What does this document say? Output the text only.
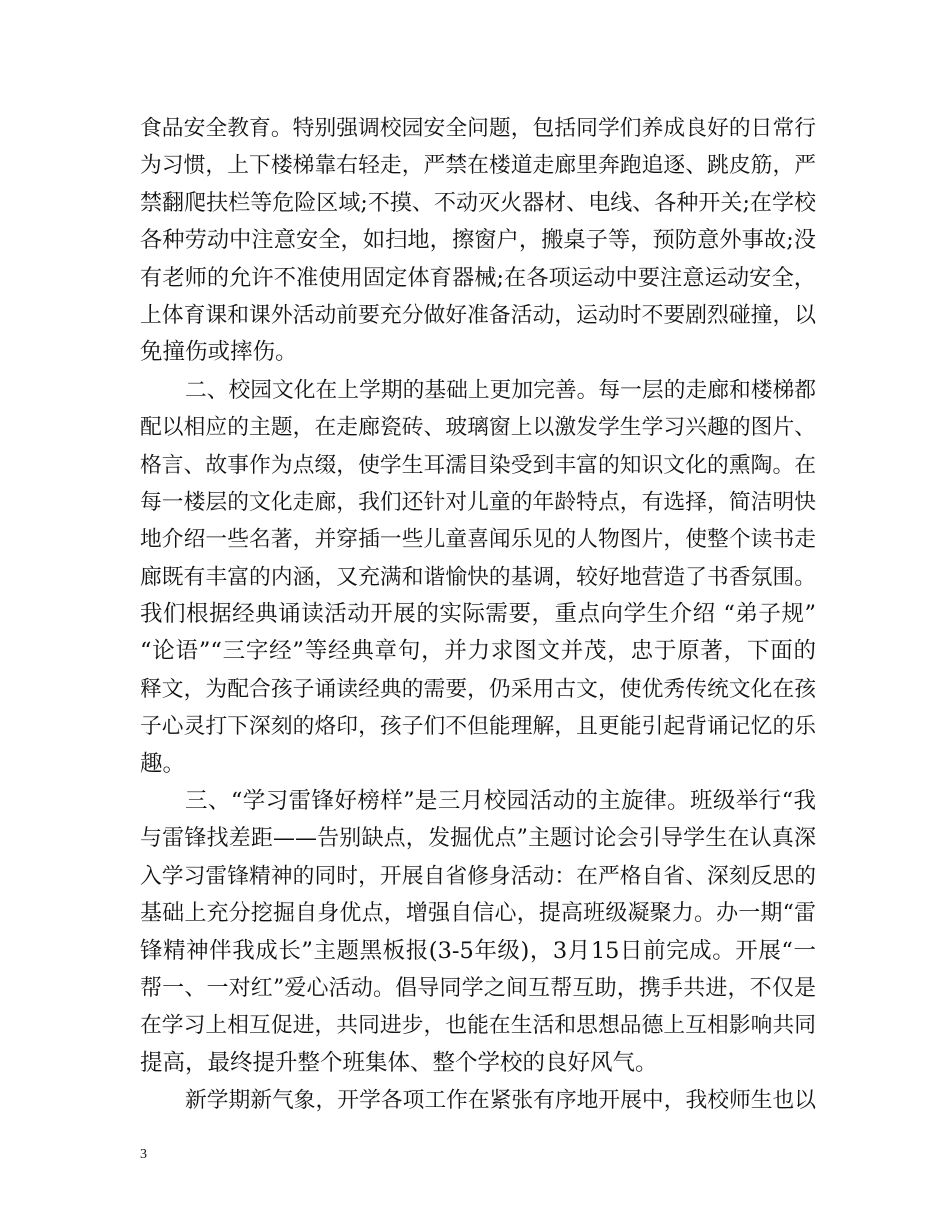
食品安全教育。特别强调校园安全问题，包括同学们养成良好的日常行
为习惯，上下楼梯靠右轻走，严禁在楼道走廊里奔跑追逐、跳皮筋，严
禁翻爬扶栏等危险区域;不摸、不动灭火器材、电线、各种开关;在学校
各种劳动中注意安全，如扫地，擦窗户，搬桌子等，预防意外事故;没
有老师的允许不准使用固定体育器械;在各项运动中要注意运动安全，
上体育课和课外活动前要充分做好准备活动，运动时不要剧烈碰撞，以
免撞伤或摔伤。
二、校园文化在上学期的基础上更加完善。每一层的走廊和楼梯都
配以相应的主题，在走廊瓷砖、玻璃窗上以激发学生学习兴趣的图片、
格言、故事作为点缀，使学生耳濡目染受到丰富的知识文化的熏陶。在
每一楼层的文化走廊，我们还针对儿童的年龄特点，有选择，简洁明快
地介绍一些名著，并穿插一些儿童喜闻乐见的人物图片，使整个读书走
廊既有丰富的内涵，又充满和谐愉快的基调，较好地营造了书香氛围。
我们根据经典诵读活动开展的实际需要，重点向学生介绍 “弟子规”
“论语”“三字经”等经典章句，并力求图文并茂，忠于原著，下面的
释文，为配合孩子诵读经典的需要，仍采用古文，使优秀传统文化在孩
子心灵打下深刻的烙印，孩子们不但能理解，且更能引起背诵记忆的乐
趣。
三、“学习雷锋好榜样”是三月校园活动的主旋律。班级举行“我
与雷锋找差距——告别缺点，发掘优点”主题讨论会引导学生在认真深
入学习雷锋精神的同时，开展自省修身活动：在严格自省、深刻反思的
基础上充分挖掘自身优点，增强自信心，提高班级凝聚力。办一期“雷
锋精神伴我成长”主题黑板报(3-5年级)，3月15日前完成。开展“一
帮一、一对红”爱心活动。倡导同学之间互帮互助，携手共进，不仅是
在学习上相互促进，共同进步，也能在生活和思想品德上互相影响共同
提高，最终提升整个班集体、整个学校的良好风气。
新学期新气象，开学各项工作在紧张有序地开展中，我校师生也以
3
